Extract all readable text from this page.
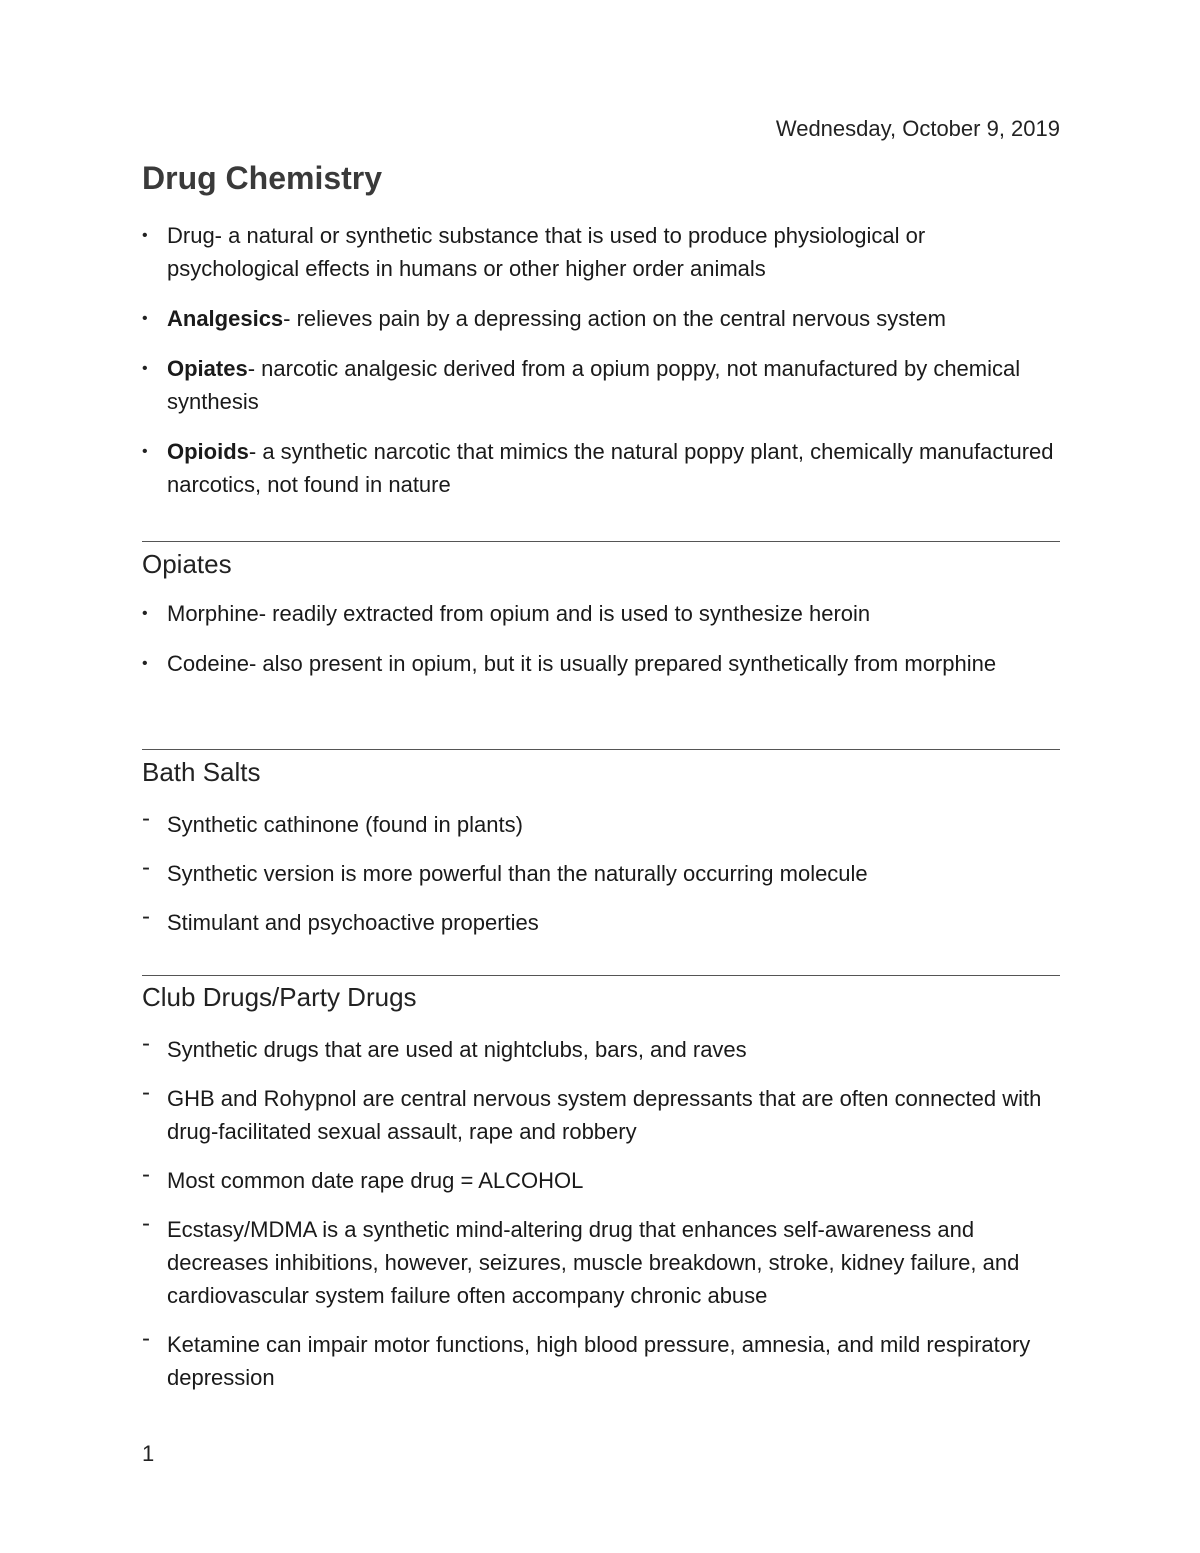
Wednesday, October 9, 2019
Drug Chemistry
• Drug- a natural or synthetic substance that is used to produce physiological or psychological effects in humans or other higher order animals
• Analgesics- relieves pain by a depressing action on the central nervous system
• Opiates- narcotic analgesic derived from a opium poppy, not manufactured by chemical synthesis
• Opioids- a synthetic narcotic that mimics the natural poppy plant, chemically manufactured narcotics, not found in nature
Opiates
• Morphine- readily extracted from opium and is used to synthesize heroin
• Codeine- also present in opium, but it is usually prepared synthetically from morphine
Bath Salts
- Synthetic cathinone (found in plants)
- Synthetic version is more powerful than the naturally occurring molecule
- Stimulant and psychoactive properties
Club Drugs/Party Drugs
- Synthetic drugs that are used at nightclubs, bars, and raves
- GHB and Rohypnol are central nervous system depressants that are often connected with drug-facilitated sexual assault, rape and robbery
- Most common date rape drug = ALCOHOL
- Ecstasy/MDMA is a synthetic mind-altering drug that enhances self-awareness and decreases inhibitions, however, seizures, muscle breakdown, stroke, kidney failure, and cardiovascular system failure often accompany chronic abuse
- Ketamine can impair motor functions, high blood pressure, amnesia, and mild respiratory depression
1
